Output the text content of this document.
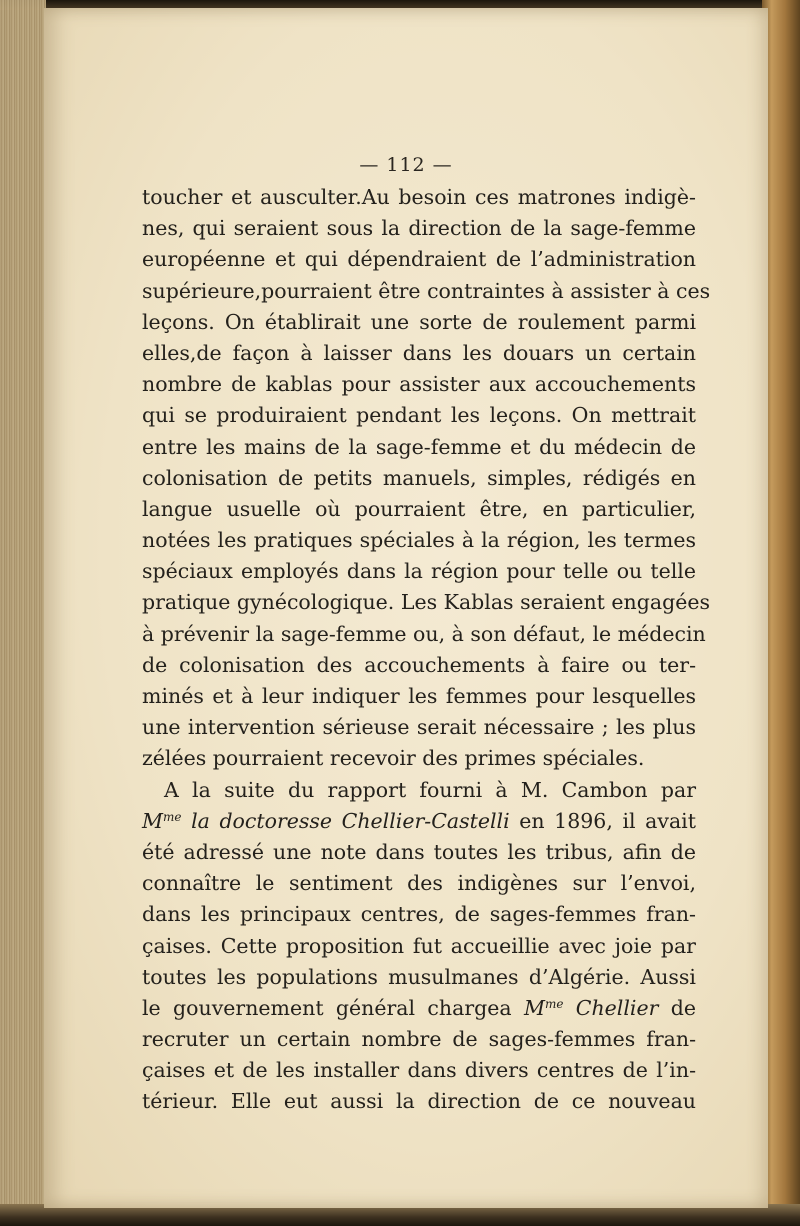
— 112 —
toucher et ausculter.Au besoin ces matrones indigè-
nes, qui seraient sous la direction de la sage-femme
européenne et qui dépendraient de l’administration
supérieure,pourraient être contraintes à assister à ces
leçons. On établirait une sorte de roulement parmi
elles,de façon à laisser dans les douars un certain
nombre de kablas pour assister aux accouchements
qui se produiraient pendant les leçons. On mettrait
entre les mains de la sage-femme et du médecin de
colonisation de petits manuels, simples, rédigés en
langue usuelle où pourraient être, en particulier,
notées les pratiques spéciales à la région, les termes
spéciaux employés dans la région pour telle ou telle
pratique gynécologique. Les Kablas seraient engagées
à prévenir la sage-femme ou, à son défaut, le médecin
de colonisation des accouchements à faire ou ter-
minés et à leur indiquer les femmes pour lesquelles
une intervention sérieuse serait nécessaire ; les plus
zélées pourraient recevoir des primes spéciales.
A la suite du rapport fourni à M. Cambon par
$M^{me}$ la doctoresse Chellier-Castelli en 1896, il avait
été adressé une note dans toutes les tribus, afin de
connaître le sentiment des indigènes sur l’envoi,
dans les principaux centres, de sages-femmes fran-
çaises. Cette proposition fut accueillie avec joie par
toutes les populations musulmanes d’Algérie. Aussi
le gouvernement général chargea $M^{me}$ Chellier de
recruter un certain nombre de sages-femmes fran-
çaises et de les installer dans divers centres de l’in-
térieur. Elle eut aussi la direction de ce nouveau
